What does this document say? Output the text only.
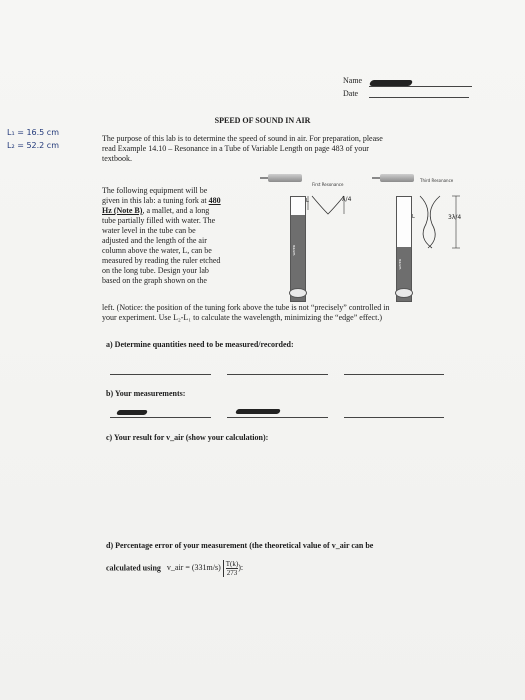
Name
Date
L₁ = 16.5 cm
L₂ = 52.2 cm
SPEED OF SOUND IN AIR
The purpose of this lab is to determine the speed of sound in air. For preparation, please
read Example 14.10 – Resonance in a Tube of Variable Length on page 483 of your
textbook.
The following equipment will be
given in this lab: a tuning fork at 480
Hz (Note B), a mallet, and a long
tube partially filled with water. The
water level in the tube can be
adjusted and the length of the air
column above the water, L, can be
measured by reading the ruler etched
on the long tube. Design your lab
based on the graph shown on the
left. (Notice: the position of the tuning fork above the tube is not “precisely” controlled in
your experiment. Use L₂-L₁ to calculate the wavelength, minimizing the “edge” effect.)
First Resonance
WATER
λ/4
L
Third Resonance
WATER
3λ/4
L
a) Determine quantities need to be measured/recorded:
b) Your measurements:
c) Your result for v_air (show your calculation):
d) Percentage error of your measurement (the theoretical value of v_air can be
calculated using v_air = $(331m/s) \frac{T(k)}{273}$ ):
